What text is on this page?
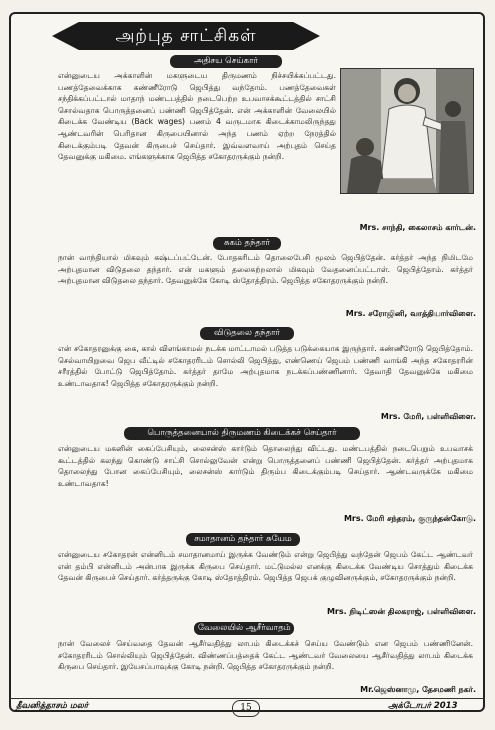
அற்புத சாட்சிகள்
அதிசய செய்கார்
என்னுடைய அக்காளின் மகளுடைய திருமணம் நிச்சயிக்கப்பட்டது. பணத்தேவைக்காக கண்ணீரோடு ஜெபித்து வந்தோம். பணத்தேவைகள் சந்திக்கப்பட்டால் மாதாந் மண்டபத்தில் நடைபெற்ற உபவாசக்கூட்டத்தில் சாட்சி சொல்வதாக பொருத்தனைப் பண்ணி ஜெபித்தேன். என் அக்காளின் வேலையில் கிடைக்க வேண்டிய (Back wages) பணம் 4 வருடமாக கிடைக்காமலிருந்தது ஆண்டவரின் பெரிதான கிருபையினால் அந்த பணம் ஏற்ற நேரத்தில் கிடைக்கும்படி தேவன் கிருபைச் செய்தார். இவ்வளவாய் அற்புதம் செய்த தேவனுக்கு மகிமை. எங்களுக்காக ஜெபித்த சகோதரருக்கும் நன்றி.
Mrs. சாந்தி, கைலாசம் கார்டன்.
சுகம் தந்தார்
நான் வாந்தியால் மிகவும் கஷ்டப்பட்டேன். போதகரிடம் தொலைபேசி மூலம் ஜெபித்தேன். கர்த்தர் அந்த நிமிடமே அற்புதமான விடுதலை தந்தார். என் மகளும் தலைசுற்றலால் மிகவும் வேதனைப்பட்டாள். ஜெபித்தோம். கர்த்தர் அற்புதமான விடுதலை தந்தார். தேவனுக்கே கோடி ஸ்தோத்திரம். ஜெபித்த சகோதரருக்கும் நன்றி.
Mrs. சரோஜினி, வாத்தியார்விளை.
விடுதலை தந்தார்
என் சகோதரனுக்கு கை, கால் விளங்காமல் நடக்க மாட்டாமல் படுத்த படுக்கையாக இருந்தார். கண்ணீரோடு ஜெபித்தோம். செல்வாயிறுவை ஜெப வீட்டில் சகோதரரிடம் சொல்லி ஜெபித்து, எண்ணெய் ஜெபம் பண்ணி வாங்கி அந்த சகோதரரின் சரீரத்தில் போட்டு ஜெபித்தோம். கர்த்தர் தாமே அற்புதமாக நடக்கப்பண்ணினார். தேவாதி தேவனுக்கே மகிமை உண்டாவதாக! ஜெபித்த சகோதரருக்கும் நன்றி.
Mrs. மேரி, பள்ளிவிளை.
பொருத்தனையால் திருமணம் கிடைக்கச் செய்தார்
என்னுடைய மகனின் கைப்பேசியும், லைசன்ஸ் கார்டும் தொலைந்து விட்டது. மண்டபத்தில் நடைபெறும் உபவாசக் கூட்டத்தில் கலந்து கொண்டு சாட்சி சொல்லுவேன் என்று பொருத்தனைப் பண்ணி ஜெபித்தேன். கர்த்தர் அற்புதமாக தொலைந்து போன கைப்பேசியும், லைசன்ஸ் கார்டும் திரும்ப கிடைக்கும்படி செய்தார். ஆண்டவருக்கே மகிமை உண்டாவதாக!
Mrs. மேரி சந்தரம், குருந்தன்கோடு.
சமாதானம் தந்தார் சுயேம
என்னுடைய சகோதரன் என்னிடம் சமாதானமாய் இருக்க வேண்டும் என்று ஜெபித்து வந்தேன் ஜெபம் கேட்ட ஆண்டவர் என் தம்பி என்னிடம் அன்பாக இருக்க கிருபை செய்தார். மட்டுமல்ல எனக்கு கிடைக்க வேண்டிய சொத்தும் கிடைக்க தேவன் கிருபைச் செய்தார். கர்த்தருக்கு கோடி ஸ்தோத்திரம். ஜெபித்த ஜெபக் குழுவினருக்கும், சகோதரருக்கும் நன்றி.
Mrs. நிடிட்ஸன் திலகராஜ், பள்ளிவிளை.
வேலையில் ஆசீர்வாதம்
நான் வேலைச் செய்வதை தேவன் ஆசீர்வதித்து லாபம் கிடைக்கச் செய்ய வேண்டும் என ஜெபம் பண்ணினேன். சகோதரரிடம் சொல்லியும் ஜெபித்தேன். விண்ணப்பத்தைக் கேட்ட ஆண்டவர் வேலையை ஆசீர்வதித்து லாபம் கிடைக்க கிருபை செய்தார். இயேசப்பாவுக்கு கோடி நன்றி. ஜெபித்த சகோதரருக்கும் நன்றி.
Mr.ஜெஸ்னாமு, தேசமணி நகர்.
தீவனித்தாசம் மலர்	15	அக்டோபர் 2013
